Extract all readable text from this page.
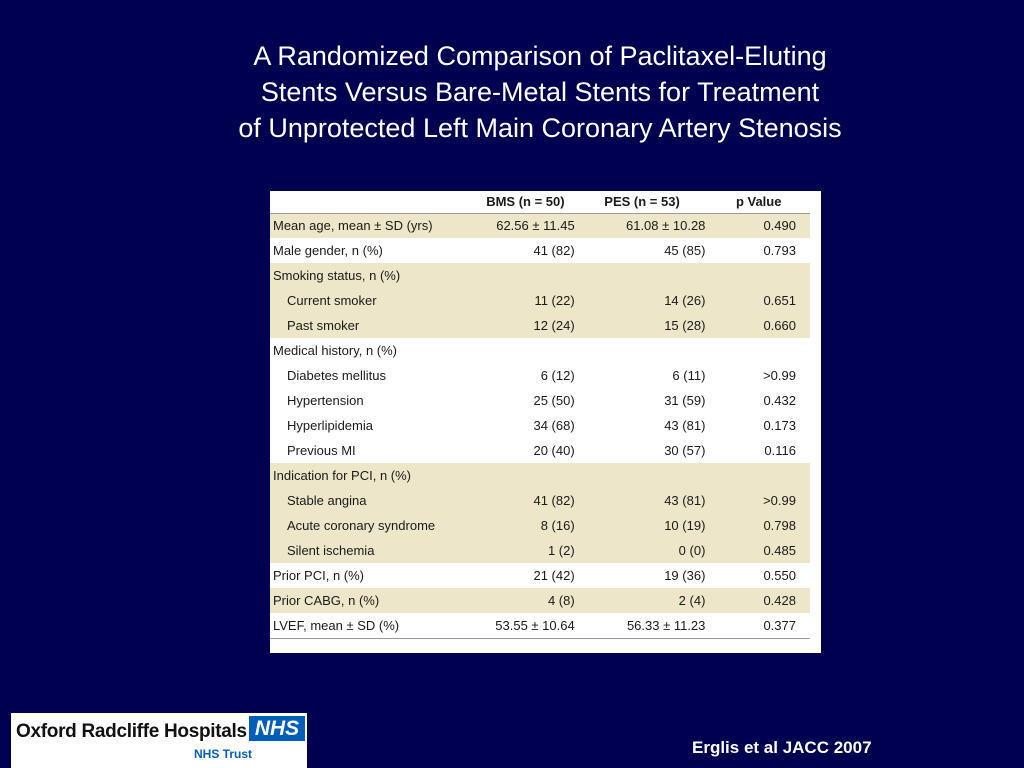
A Randomized Comparison of Paclitaxel-Eluting
Stents Versus Bare-Metal Stents for Treatment
of Unprotected Left Main Coronary Artery Stenosis
	BMS (n = 50)	PES (n = 53)	p Value
Mean age, mean ± SD (yrs)	62.56 ± 11.45	61.08 ± 10.28	0.490
Male gender, n (%)	41 (82)	45 (85)	0.793
Smoking status, n (%)			
Current smoker	11 (22)	14 (26)	0.651
Past smoker	12 (24)	15 (28)	0.660
Medical history, n (%)			
Diabetes mellitus	6 (12)	6 (11)	>0.99
Hypertension	25 (50)	31 (59)	0.432
Hyperlipidemia	34 (68)	43 (81)	0.173
Previous MI	20 (40)	30 (57)	0.116
Indication for PCI, n (%)			
Stable angina	41 (82)	43 (81)	>0.99
Acute coronary syndrome	8 (16)	10 (19)	0.798
Silent ischemia	1 (2)	0 (0)	0.485
Prior PCI, n (%)	21 (42)	19 (36)	0.550
Prior CABG, n (%)	4 (8)	2 (4)	0.428
LVEF, mean ± SD (%)	53.55 ± 10.64	56.33 ± 11.23	0.377
Oxford Radcliffe Hospitals NHS
NHS Trust	Erglis et al JACC 2007
